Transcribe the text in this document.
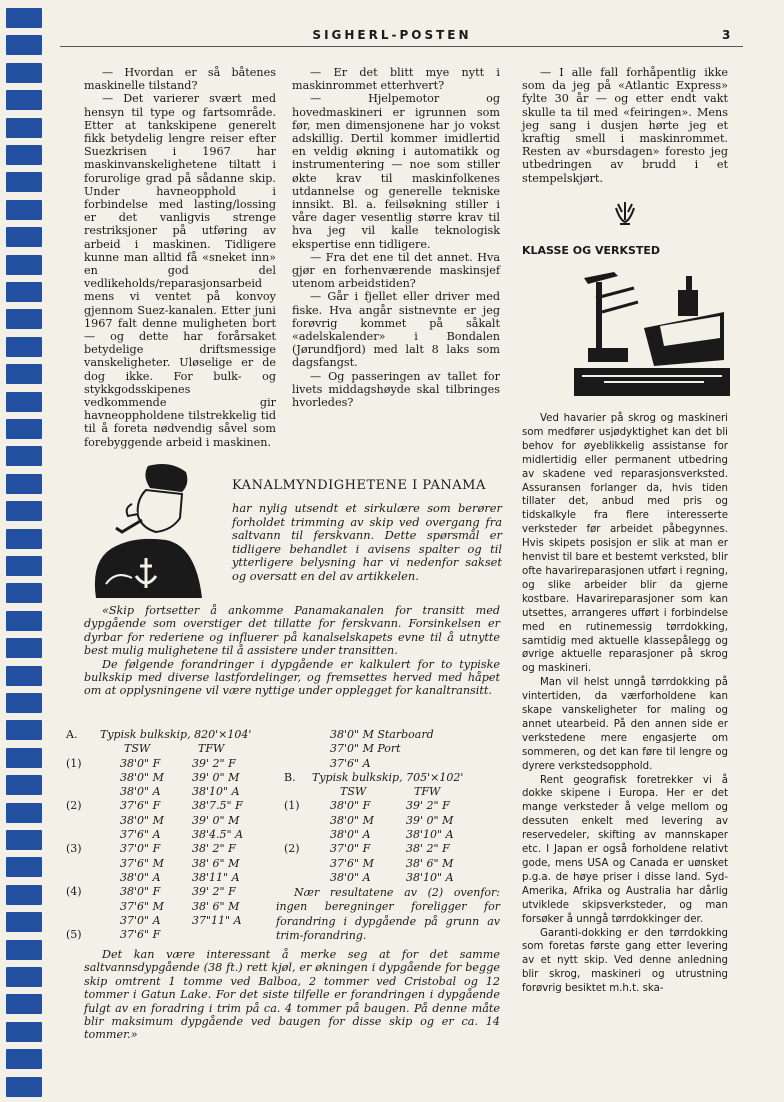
SIGHERL-POSTEN	3

— Hvordan er så båtenes maskinelle tilstand?

— Det varierer svært med hensyn til type og fartsområde. Etter at tankskipene generelt fikk betydelig lengre reiser efter Suezkrisen i 1967 har maskinvanskelighetene tiltatt i forurolige grad på sådanne skip. Under havneopphold i forbindelse med lasting/lossing er det vanligvis strenge restriksjoner på utføring av arbeid i maskinen. Tidligere kunne man alltid få «sneket inn» en god del vedlikeholds/reparasjonsarbeid mens vi ventet på konvoy gjennom Suez-kanalen. Etter juni 1967 falt denne muligheten bort — og dette har forårsaket betydelige driftsmessige vanskeligheter. Uløselige er de dog ikke. For bulk- og stykkgodsskipenes vedkommende gir havneoppholdene tilstrekkelig tid til å foreta nødvendig såvel som forebyggende arbeid i maskinen.

— Er det blitt mye nytt i maskinrommet etterhvert?

— Hjelpemotor og hovedmaskineri er igrunnen som før, men dimensjonene har jo vokst adskillig. Dertil kommer imidlertid en veldig økning i automatikk og instrumentering — noe som stiller økte krav til maskinfolkenes utdannelse og generelle tekniske innsikt. Bl. a. feilsøkning stiller i våre dager vesentlig større krav til hva jeg vil kalle teknologisk ekspertise enn tidligere.

— Fra det ene til det annet. Hva gjør en forhenværende maskinsjef utenom arbeidstiden?

— Går i fjellet eller driver med fiske. Hva angår sistnevnte er jeg forøvrig kommet på såkalt «adelskalender» i Bondalen (Jørundfjord) med lalt 8 laks som dagsfangst.

— Og passeringen av tallet for livets middagshøyde skal tilbringes hvorledes?

— I alle fall forhåpentlig ikke som da jeg på «Atlantic Express» fylte 30 år — og etter endt vakt skulle ta til med «feiringen». Mens jeg sang i dusjen hørte jeg et kraftig smell i maskinrommet. Resten av «bursdagen» foresto jeg utbedringen av brudd i et stempelskjørt.

KLASSE OG VERKSTED

Ved havarier på skrog og maskineri som medfører usjødyktighet kan det bli behov for øyeblikkelig assistanse for midlertidig eller permanent utbedring av skadene ved reparasjonsverksted. Assuransen forlanger da, hvis tiden tillater det, anbud med pris og tidskalkyle fra flere interesserte verksteder før arbeidet påbegynnes. Hvis skipets posisjon er slik at man er henvist til bare et bestemt verksted, blir ofte havarireparasjonen utført i regning, og slike arbeider blir da gjerne kostbare. Havarireparasjoner som kan utsettes, arrangeres ufført i forbindelse med en rutinemessig tørrdokking, samtidig med aktuelle klassepålegg og øvrige aktuelle reparasjoner på skrog og maskineri.

Man vil helst unngå tørrdokking på vintertiden, da værforholdene kan skape vanskeligheter for maling og annet utearbeid. På den annen side er verkstedene mere engasjerte om sommeren, og det kan føre til lengre og dyrere verkstedsopphold.

Rent geografisk foretrekker vi å dokke skipene i Europa. Her er det mange verksteder å velge mellom og dessuten enkelt med levering av reservedeler, skifting av mannskaper etc. I Japan er også forholdene relativt gode, mens USA og Canada er uønsket p.g.a. de høye priser i disse land. Syd-Amerika, Afrika og Australia har dårlig utviklede skipsverksteder, og man forsøker å unngå tørrdokkinger der.

Garanti-dokking er den tørrdokking som foretas første gang etter levering av et nytt skip. Ved denne anledning blir skrog, maskineri og utrustning forøvrig besiktet m.h.t. ska-

KANALMYNDIGHETENE I PANAMA
har nylig utsendt et sirkulære som berører forholdet trimming av skip ved overgang fra saltvann til ferskvann. Dette spørsmål er tidligere behandlet i avisens spalter og til ytterligere belysning har vi nedenfor sakset og oversatt en del av artikkelen.

«Skip fortsetter å ankomme Panamakanalen for transitt med dypgående som overstiger det tillatte for ferskvann. Forsinkelsen er dyrbar for rederiene og influerer på kanalselskapets evne til å utnytte best mulig mulighetene til å assistere under transitten.

De følgende forandringer i dypgående er kalkulert for to typiske bulkskip med diverse lastfordelinger, og fremsettes herved med håpet om at opplysningene vil være nyttige under opplegget for kanaltransitt.

A. Typisk bulkskip, 820'×104'
TSW	TFW
(1)	38'0" F	39' 2" F
38'0" M	39' 0" M
38'0" A	38'10" A
(2)	37'6" F	38'7.5" F
38'0" M	39' 0" M
37'6" A	38'4.5" A
(3)	37'0" F	38' 2" F
37'6" M	38' 6" M
38'0" A	38'11" A
(4)	38'0" F	39' 2" F
37'6" M	38' 6" M
37'0" A	37"11" A
(5)	37'6" F
38'0" M Starboard
37'0" M Port
37'6" A
B. Typisk bulkskip, 705'×102'
TSW	TFW
(1)	38'0" F	39' 2" F
38'0" M	39' 0" M
38'0" A	38'10" A
(2)	37'0" F	38' 2" F
37'6" M	38' 6" M
38'0" A	38'10" A

Nær resultatene av (2) ovenfor: ingen beregninger foreligger for forandring i dypgående på grunn av trim-forandring.

Det kan være interessant å merke seg at for det samme saltvannsdypgående (38 ft.) rett kjøl, er økningen i dypgående for begge skip omtrent 1 tomme ved Balboa, 2 tommer ved Cristobal og 12 tommer i Gatun Lake. For det siste tilfelle er forandringen i dypgående fulgt av en foradring i trim på ca. 4 tommer på baugen. På denne måte blir maksimum dypgående ved baugen for disse skip og er ca. 14 tommer.»
